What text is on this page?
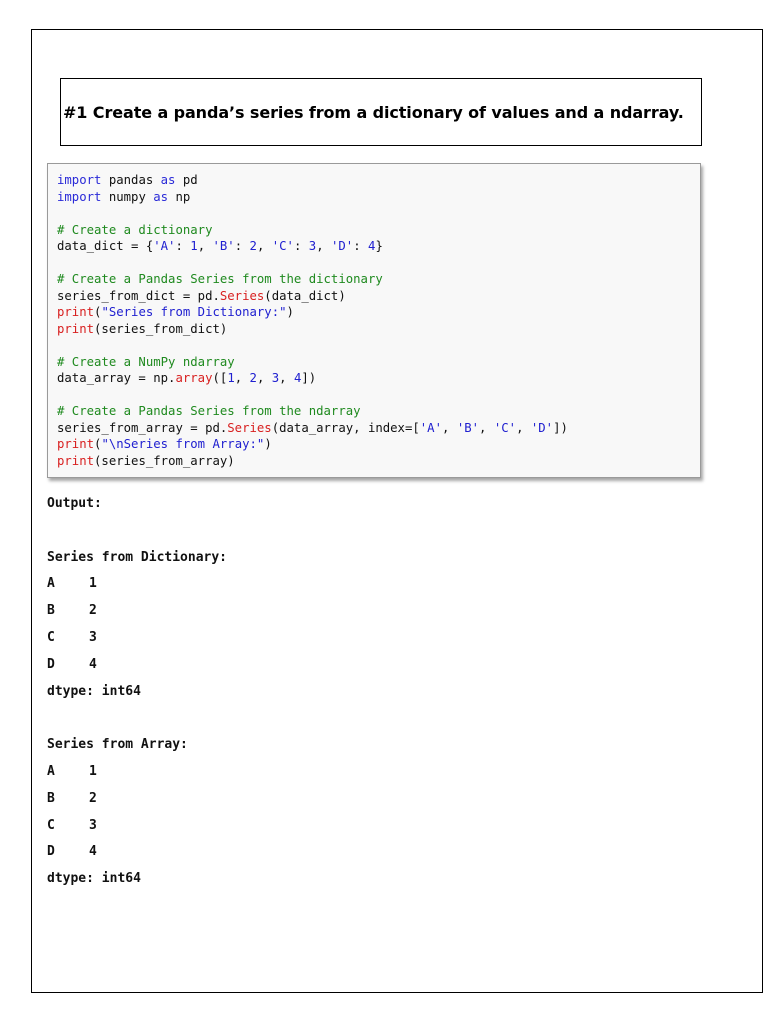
#1 Create a panda’s series from a dictionary of values and a ndarray.
import pandas as pd
import numpy as np
# Create a dictionary
data_dict = {'A': 1, 'B': 2, 'C': 3, 'D': 4}
# Create a Pandas Series from the dictionary
series_from_dict = pd.Series(data_dict)
print("Series from Dictionary:")
print(series_from_dict)
# Create a NumPy ndarray
data_array = np.array([1, 2, 3, 4])
# Create a Pandas Series from the ndarray
series_from_array = pd.Series(data_array, index=['A', 'B', 'C', 'D'])
print("\nSeries from Array:")
print(series_from_array)
Output:
Series from Dictionary:
A	1
B	2
C	3
D	4
dtype: int64
Series from Array:
A	1
B	2
C	3
D	4
dtype: int64
